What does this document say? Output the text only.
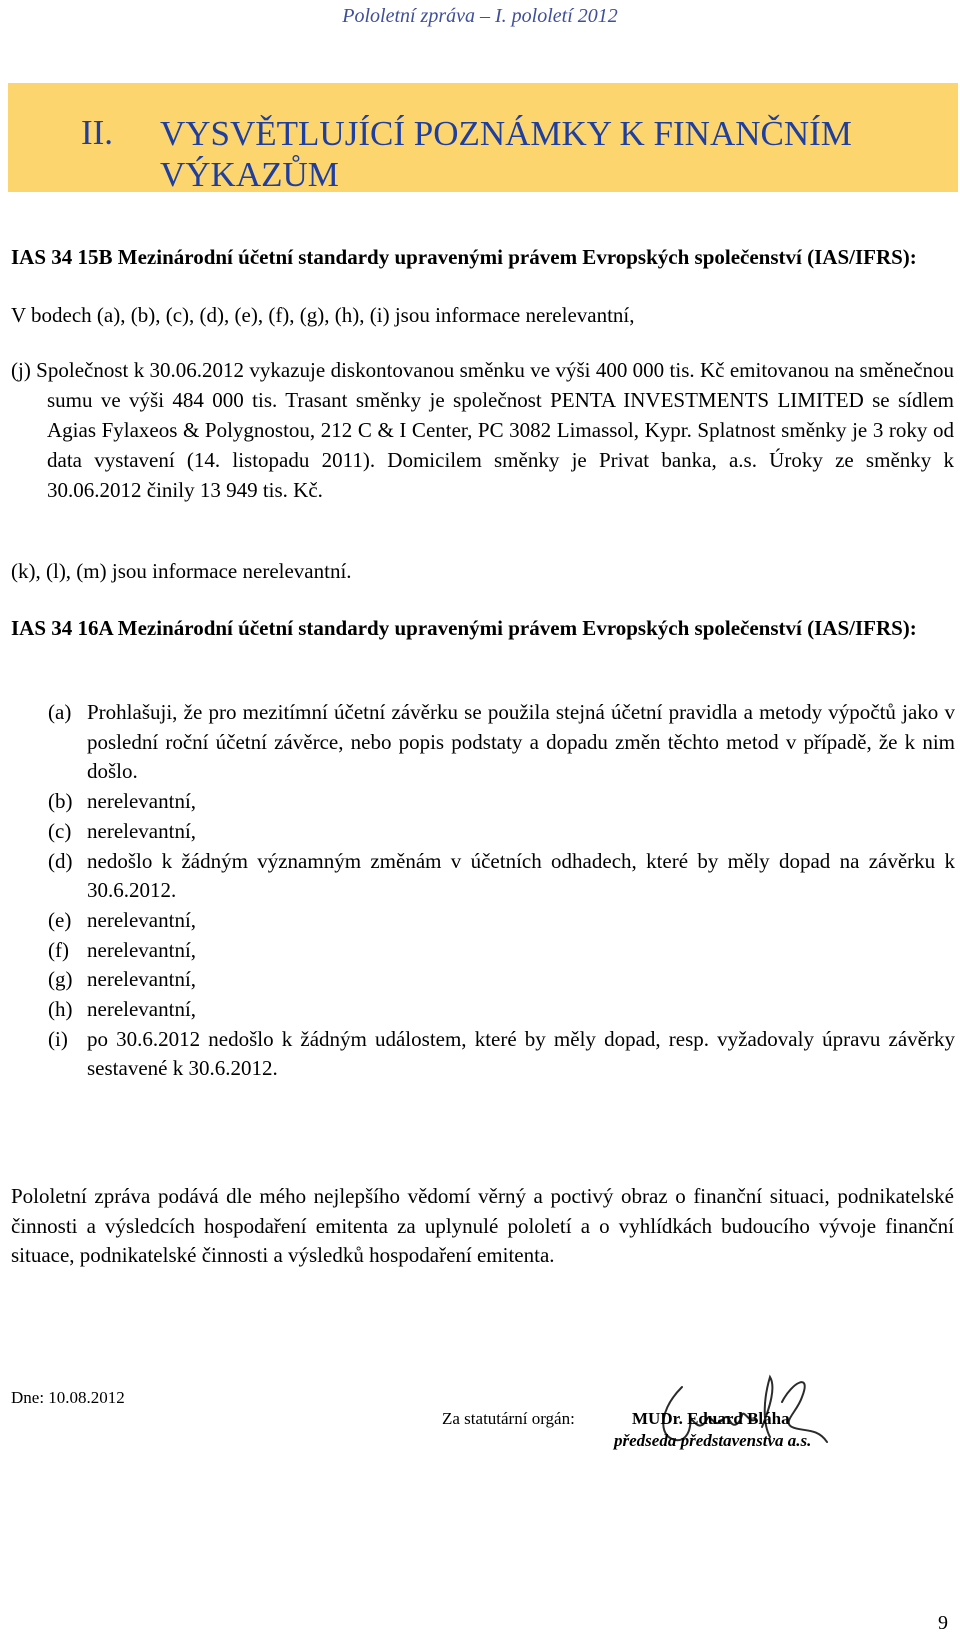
Pololetní zpráva – I. pololetí 2012
II. VYSVĚTLUJÍCÍ POZNÁMKY K FINANČNÍM
VÝKAZŮM
IAS 34 15B Mezinárodní účetní standardy upravenými právem Evropských společenství (IAS/IFRS):
V bodech (a), (b), (c), (d), (e), (f), (g), (h), (i) jsou informace nerelevantní,
(j) Společnost k 30.06.2012 vykazuje diskontovanou směnku ve výši 400 000 tis. Kč emitovanou na směnečnou sumu ve výši 484 000 tis. Trasant směnky je společnost PENTA INVESTMENTS LIMITED se sídlem Agias Fylaxeos & Polygnostou, 212 C & I Center, PC 3082 Limassol, Kypr. Splatnost směnky je 3 roky od data vystavení (14. listopadu 2011). Domicilem směnky je Privat banka, a.s. Úroky ze směnky k 30.06.2012 činily 13 949 tis. Kč.
(k), (l), (m) jsou informace nerelevantní.
IAS 34 16A Mezinárodní účetní standardy upravenými právem Evropských společenství (IAS/IFRS):
(a) Prohlašuji, že pro mezitímní účetní závěrku se použila stejná účetní pravidla a metody výpočtů jako v poslední roční účetní závěrce, nebo popis podstaty a dopadu změn těchto metod v případě, že k nim došlo.
(b) nerelevantní,
(c) nerelevantní,
(d) nedošlo k žádným významným změnám v účetních odhadech, které by měly dopad na závěrku k 30.6.2012.
(e) nerelevantní,
(f) nerelevantní,
(g) nerelevantní,
(h) nerelevantní,
(i) po 30.6.2012 nedošlo k žádným událostem, které by měly dopad, resp. vyžadovaly úpravu závěrky sestavené k 30.6.2012.
Pololetní zpráva podává dle mého nejlepšího vědomí věrný a poctivý obraz o finanční situaci, podnikatelské činnosti a výsledcích hospodaření emitenta za uplynulé pololetí a o vyhlídkách budoucího vývoje finanční situace, podnikatelské činnosti a výsledků hospodaření emitenta.
Dne: 10.08.2012
Za statutární orgán:	MUDr. Eduard Bláha
předseda představenstva a.s.
9
